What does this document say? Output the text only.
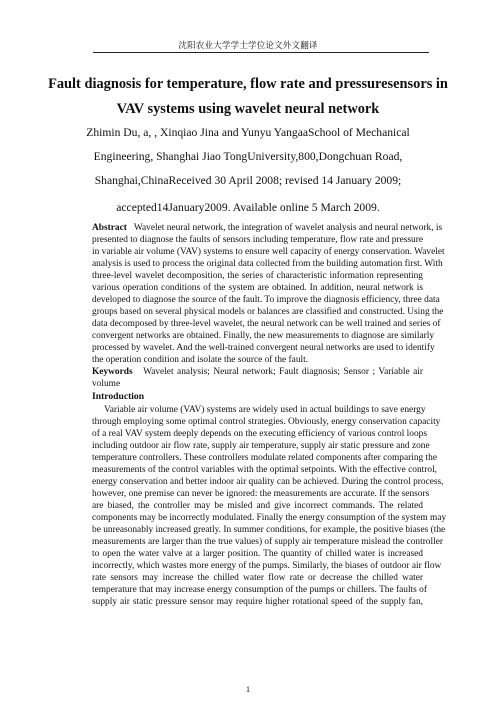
沈阳农业大学学士学位论文外文翻译
Fault diagnosis for temperature, flow rate and pressuresensors in
VAV systems using wavelet neural network
Zhimin Du, a, , Xinqiao Jina and Yunyu YangaaSchool of Mechanical
Engineering, Shanghai Jiao TongUniversity,800,Dongchuan Road,
Shanghai,ChinaReceived 30 April 2008; revised 14 January 2009;
accepted14January2009. Available online 5 March 2009.
Abstract Wavelet neural network, the integration of wavelet analysis and neural network, is
presented to diagnose the faults of sensors including temperature, flow rate and pressure
in variable air volume (VAV) systems to ensure well capacity of energy conservation. Wavelet
analysis is used to process the original data collected from the building automation first. With
three-level wavelet decomposition, the series of characteristic information representing
various operation conditions of the system are obtained. In addition, neural network is
developed to diagnose the source of the fault. To improve the diagnosis efficiency, three data
groups based on several physical models or balances are classified and constructed. Using the
data decomposed by three-level wavelet, the neural network can be well trained and series of
convergent networks are obtained. Finally, the new measurements to diagnose are similarly
processed by wavelet. And the well-trained convergent neural networks are used to identify
the operation condition and isolate the source of the fault.
Keywords Wavelet analysis; Neural network; Fault diagnosis; Sensor ; Variable air
volume
Introduction
Variable air volume (VAV) systems are widely used in actual buildings to save energy
through employing some optimal control strategies. Obviously, energy conservation capacity
of a real VAV system deeply depends on the executing efficiency of various control loops
including outdoor air flow rate, supply air temperature, supply air static pressure and zone
temperature controllers. These controllers modulate related components after comparing the
measurements of the control variables with the optimal setpoints. With the effective control,
energy conservation and better indoor air quality can be achieved. During the control process,
however, one premise can never be ignored: the measurements are accurate. If the sensors
are biased, the controller may be misled and give incorrect commands. The related
components may be incorrectly modulated. Finally the energy consumption of the system may
be unreasonably increased greatly. In summer conditions, for example, the positive biases (the
measurements are larger than the true values) of supply air temperature mislead the controller
to open the water valve at a larger position. The quantity of chilled water is increased
incorrectly, which wastes more energy of the pumps. Similarly, the biases of outdoor air flow
rate sensors may increase the chilled water flow rate or decrease the chilled water
temperature that may increase energy consumption of the pumps or chillers. The faults of
supply air static pressure sensor may require higher rotational speed of the supply fan,
1
